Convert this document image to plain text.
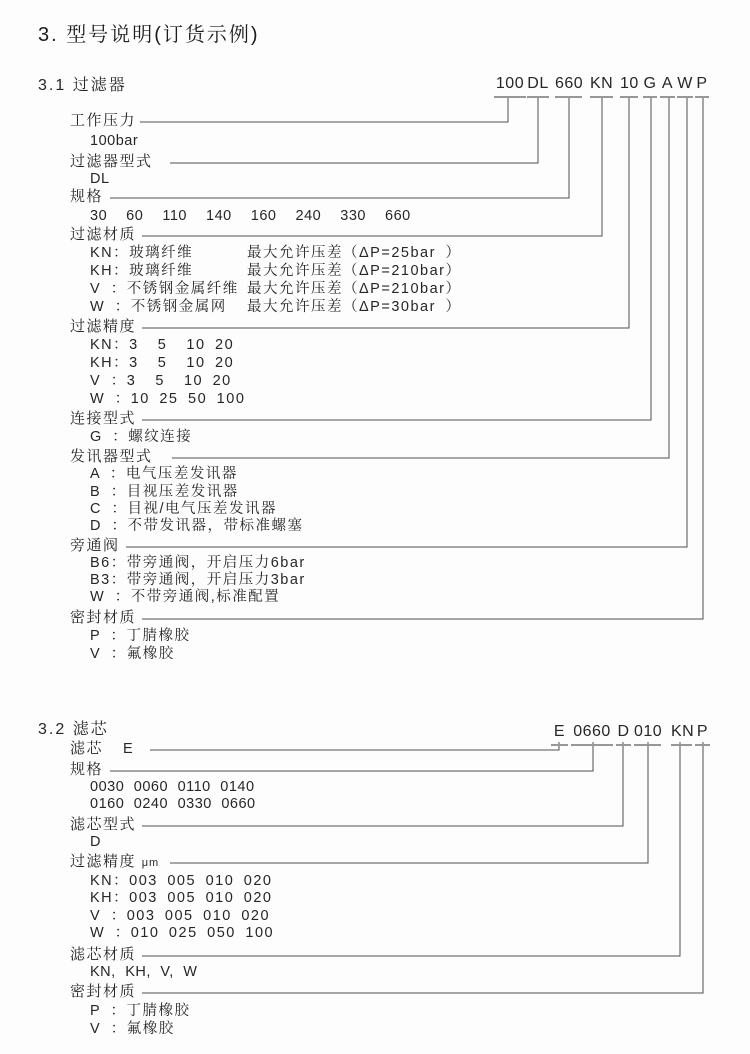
3. 型号说明(订货示例)
3.1 过滤器	100 DL 660 KN 10 G A W P
工作压力
100bar
过滤器型式
DL
规格
30  60  110  140  160  240  330  660
过滤材质
KN：玻璃纤维	最大允许压差（ΔP=25bar ）
KH：玻璃纤维	最大允许压差（ΔP=210bar）
V ：不锈钢金属纤维 最大允许压差（ΔP=210bar）
W ：不锈钢金属网 最大允许压差（ΔP=30bar ）
过滤精度
KN：3  5  10 20
KH：3  5  10 20
V ：3  5  10 20
W ：10 25 50 100
连接型式
G ：螺纹连接
发讯器型式
A ：电气压差发讯器
B ：目视压差发讯器
C ：目视/电气压差发讯器
D ：不带发讯器，带标准螺塞
旁通阀
B6：带旁通阀，开启压力6bar
B3：带旁通阀，开启压力3bar
W ：不带旁通阀,标准配置
密封材质
P ：丁腈橡胶
V ：氟橡胶
3.2 滤芯	E 0660 D 010 KN P
滤芯 E
规格
0030 0060 0110 0140
0160 0240 0330 0660
滤芯型式
D
过滤精度 μm
KN：003 005 010 020
KH：003 005 010 020
V ：003 005 010 020
W ：010 025 050 100
滤芯材质
KN, KH, V, W
密封材质
P ：丁腈橡胶
V ：氟橡胶
